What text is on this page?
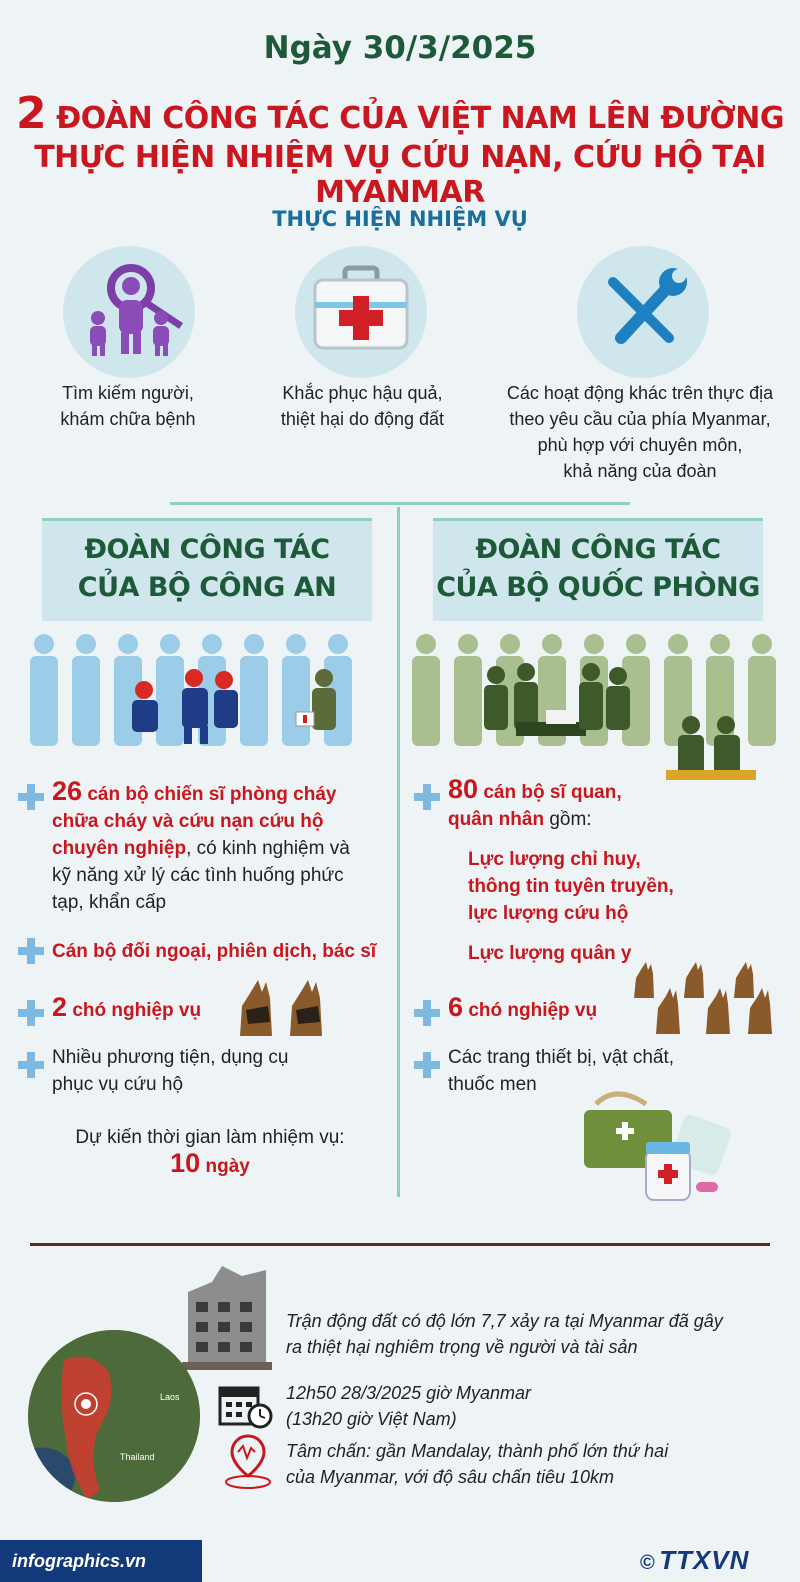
Ngày 30/3/2025
2 ĐOÀN CÔNG TÁC CỦA VIỆT NAM LÊN ĐƯỜNG
THỰC HIỆN NHIỆM VỤ CỨU NẠN, CỨU HỘ TẠI MYANMAR
THỰC HIỆN NHIỆM VỤ
Tìm kiếm người,
khám chữa bệnh
Khắc phục hậu quả,
thiệt hại do động đất
Các hoạt động khác trên thực địa
theo yêu cầu của phía Myanmar,
phù hợp với chuyên môn,
khả năng của đoàn
ĐOÀN CÔNG TÁC
CỦA BỘ CÔNG AN
ĐOÀN CÔNG TÁC
CỦA BỘ QUỐC PHÒNG
26 cán bộ chiến sĩ phòng cháy
chữa cháy và cứu nạn cứu hộ
chuyên nghiệp, có kinh nghiệm và
kỹ năng xử lý các tình huống phức
tạp, khẩn cấp
Cán bộ đối ngoại, phiên dịch, bác sĩ
2 chó nghiệp vụ
Nhiều phương tiện, dụng cụ
phục vụ cứu hộ
Dự kiến thời gian làm nhiệm vụ:
10 ngày
80 cán bộ sĩ quan,
quân nhân gồm:
Lực lượng chỉ huy,
thông tin tuyên truyền,
lực lượng cứu hộ
Lực lượng quân y
6 chó nghiệp vụ
Các trang thiết bị, vật chất,
thuốc men
Trận động đất có độ lớn 7,7 xảy ra tại Myanmar đã gây
ra thiệt hại nghiêm trọng về người và tài sản
Laos
Thailand
12h50 28/3/2025 giờ Myanmar
(13h20 giờ Việt Nam)
Tâm chấn: gần Mandalay, thành phố lớn thứ hai
của Myanmar, với độ sâu chấn tiêu 10km
infographics.vn	© TTXVN
